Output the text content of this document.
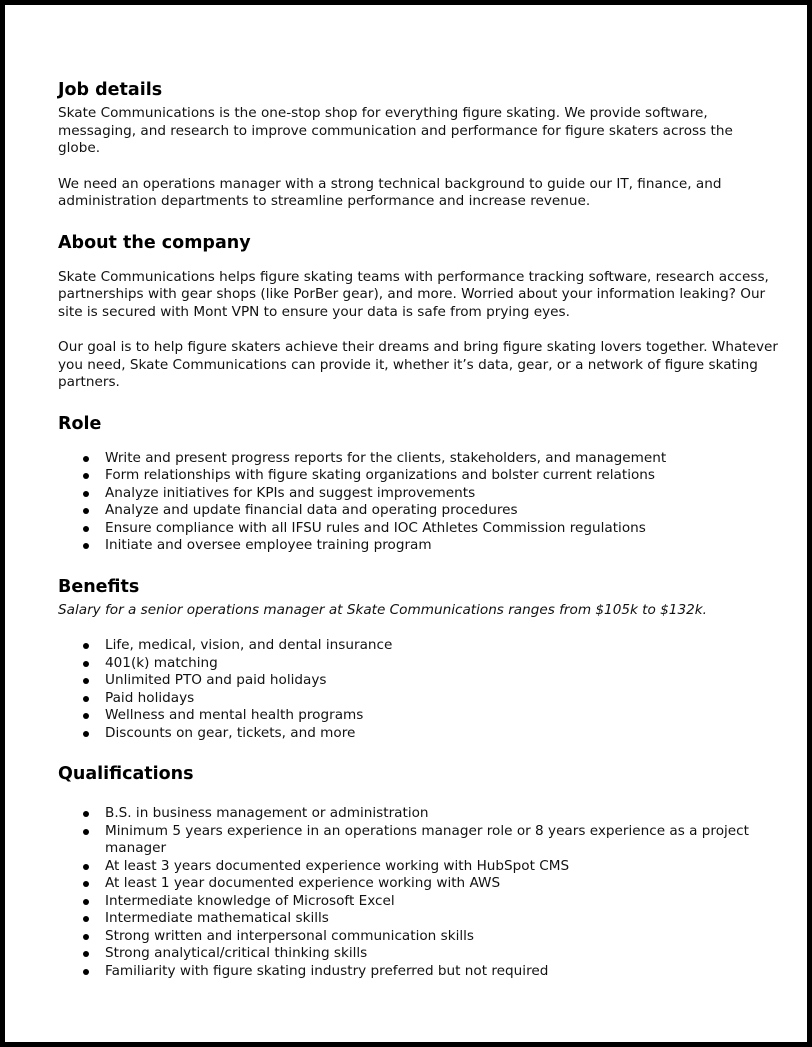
Job details

Skate Communications is the one-stop shop for everything figure skating. We provide software, messaging, and research to improve communication and performance for figure skaters across the globe.

We need an operations manager with a strong technical background to guide our IT, finance, and administration departments to streamline performance and increase revenue.

About the company

Skate Communications helps figure skating teams with performance tracking software, research access, partnerships with gear shops (like PorBer gear), and more. Worried about your information leaking? Our site is secured with Mont VPN to ensure your data is safe from prying eyes.

Our goal is to help figure skaters achieve their dreams and bring figure skating lovers together. Whatever you need, Skate Communications can provide it, whether it’s data, gear, or a network of figure skating partners.

Role
Write and present progress reports for the clients, stakeholders, and management
Form relationships with figure skating organizations and bolster current relations
Analyze initiatives for KPIs and suggest improvements
Analyze and update financial data and operating procedures
Ensure compliance with all IFSU rules and IOC Athletes Commission regulations
Initiate and oversee employee training program
Benefits

Salary for a senior operations manager at Skate Communications ranges from $105k to $132k.

Life, medical, vision, and dental insurance
401(k) matching
Unlimited PTO and paid holidays
Paid holidays
Wellness and mental health programs
Discounts on gear, tickets, and more
Qualifications
B.S. in business management or administration
Minimum 5 years experience in an operations manager role or 8 years experience as a project manager
At least 3 years documented experience working with HubSpot CMS
At least 1 year documented experience working with AWS
Intermediate knowledge of Microsoft Excel
Intermediate mathematical skills
Strong written and interpersonal communication skills
Strong analytical/critical thinking skills
Familiarity with figure skating industry preferred but not required
